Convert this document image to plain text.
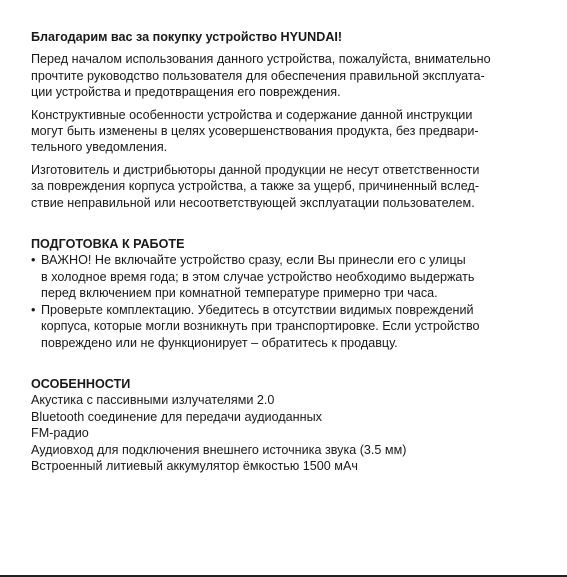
Благодарим вас за покупку устройство HYUNDAI!
Перед началом использования данного устройства, пожалуйста, внимательно
прочтите руководство пользователя для обеспечения правильной эксплуата-
ции устройства и предотвращения его повреждения.
Конструктивные особенности устройства и содержание данной инструкции
могут быть изменены в целях усовершенствования продукта, без предвари-
тельного уведомления.
Изготовитель и дистрибьюторы данной продукции не несут ответственности
за повреждения корпуса устройства, а также за ущерб, причиненный вслед-
ствие неправильной или несоответствующей эксплуатации пользователем.
ПОДГОТОВКА К РАБОТЕ
• ВАЖНО! Не включайте устройство сразу, если Вы принесли его с улицы
в холодное время года; в этом случае устройство необходимо выдержать
перед включением при комнатной температуре примерно три часа.
• Проверьте комплектацию. Убедитесь в отсутствии видимых повреждений
корпуса, которые могли возникнуть при транспортировке. Если устройство
повреждено или не функционирует – обратитесь к продавцу.
ОСОБЕННОСТИ
Акустика с пассивными излучателями 2.0
Bluetooth соединение для передачи аудиоданных
FM-радио
Аудиовход для подключения внешнего источника звука (3.5 мм)
Встроенный литиевый аккумулятор ёмкостью 1500 мАч
